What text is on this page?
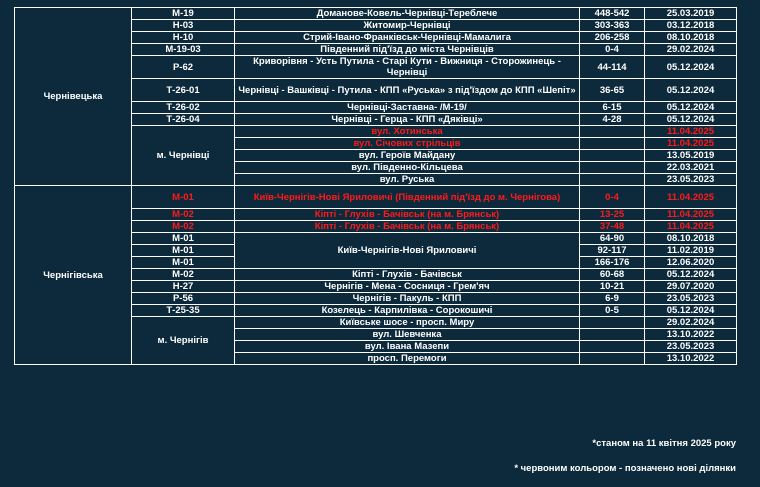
Чернівецька	М-19	Доманове-Ковель-Чернівці-Тереблече	448-542	25.03.2019
	Н-03	Житомир-Чернівці	303-363	03.12.2018
	Н-10	Стрий-Івано-Франківськ-Чернівці-Мамалига	206-258	08.10.2018
	М-19-03	Південний під'їзд до міста Чернівців	0-4	29.02.2024
	Р-62	Криворівня - Усть Путила - Старі Кути - Вижниця - Сторожинець - Чернівці	44-114	05.12.2024
	Т-26-01	Чернівці - Вашківці - Путила - КПП «Руська» з під'їздом до КПП «Шепіт»	36-65	05.12.2024
	Т-26-02	Чернівці-Заставна- /М-19/	6-15	05.12.2024
	Т-26-04	Чернівці - Герца - КПП «Дяківці»	4-28	05.12.2024
	м. Чернівці	вул. Хотинська		11.04.2025
		вул. Січових стрільців		11.04.2025
		вул. Героїв Майдану		13.05.2019
		вул. Південно-Кільцева		22.03.2021
		вул. Руська		23.05.2023
Чернігівська	М-01	Київ-Чернігів-Нові Яриловичі (Південний під'їзд до м. Чернігова)	0-4	11.04.2025
	М-02	Кіпті - Глухів - Бачівськ (на м. Брянськ)	13-25	11.04.2025
	М-02	Кіпті - Глухів - Бачівськ (на м. Брянськ)	37-48	11.04.2025
	М-01	Київ-Чернігів-Нові Яриловичі	64-90	08.10.2018
	М-01		92-117	11.02.2019
	М-01		166-176	12.06.2020
	М-02	Кіпті - Глухів - Бачівськ	60-68	05.12.2024
	Н-27	Чернігів - Мена - Сосниця - Грем'яч	10-21	29.07.2020
	Р-56	Чернігів - Пакуль - КПП	6-9	23.05.2023
	Т-25-35	Козелець - Карпилівка - Сорокошичі	0-5	05.12.2024
	м. Чернігів	Київське шосе - просп. Миру		29.02.2024
		вул. Шевченка		13.10.2022
		вул. Івана Мазепи		23.05.2023
		просп. Перемоги		13.10.2022
*станом на 11 квітня 2025 року
* червоним кольором - позначено нові ділянки
